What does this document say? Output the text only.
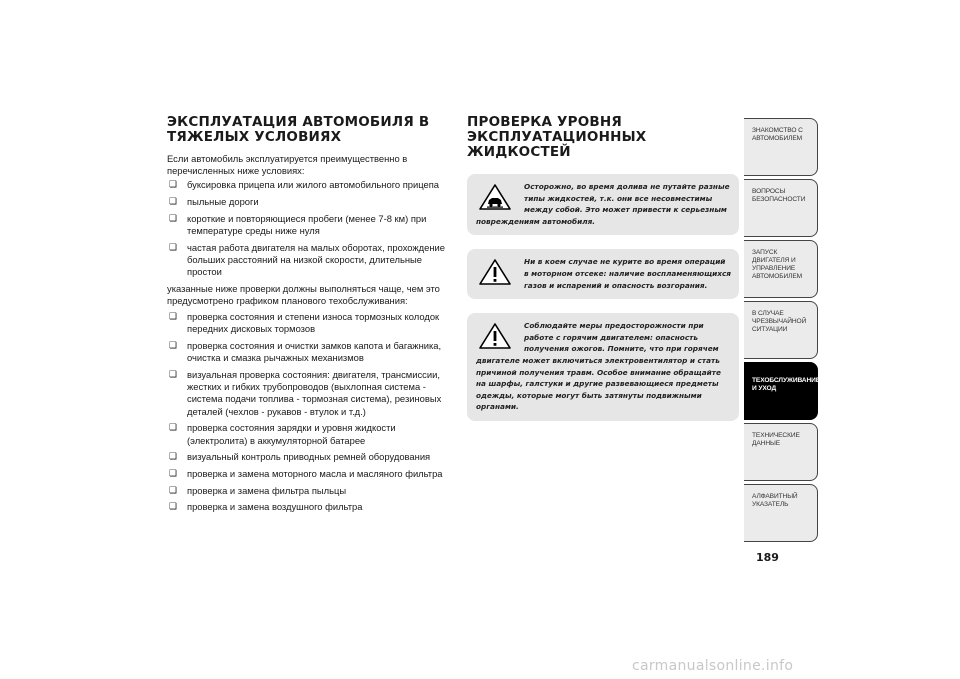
ЭКСПЛУАТАЦИЯ АВТОМОБИЛЯ В ТЯЖЕЛЫХ УСЛОВИЯХ

Если автомобиль эксплуатируется преимущественно в перечисленных ниже условиях:

❏ буксировка прицепа или жилого автомобильного прицепа
❏ пыльные дороги
❏ короткие и повторяющиеся пробеги (менее 7-8 км) при температуре среды ниже нуля
❏ частая работа двигателя на малых оборотах, прохождение больших расстояний на низкой скорости, длительные простои

указанные ниже проверки должны выполняться чаще, чем это предусмотрено графиком планового техобслуживания:

❏ проверка состояния и степени износа тормозных колодок передних дисковых тормозов
❏ проверка состояния и очистки замков капота и багажника, очистка и смазка рычажных механизмов
❏ визуальная проверка состояния: двигателя, трансмиссии, жестких и гибких трубопроводов (выхлопная система - система подачи топлива - тормозная система), резиновых деталей (чехлов - рукавов - втулок и т.д.)
❏ проверка состояния зарядки и уровня жидкости (электролита) в аккумуляторной батарее
❏ визуальный контроль приводных ремней оборудования
❏ проверка и замена моторного масла и масляного фильтра
❏ проверка и замена фильтра пыльцы
❏ проверка и замена воздушного фильтра
ПРОВЕРКА УРОВНЯ ЭКСПЛУАТАЦИОННЫХ ЖИДКОСТЕЙ

Осторожно, во время долива не путайте разные типы жидкостей, т.к. они все несовместимы между собой. Это может привести к серьезным повреждениям автомобиля.

Ни в коем случае не курите во время операций в моторном отсеке: наличие воспламеняющихся газов и испарений и опасность возгорания.

Соблюдайте меры предосторожности при работе с горячим двигателем: опасность получения ожогов. Помните, что при горячем двигателе может включиться электровентилятор и стать причиной получения травм. Особое внимание обращайте на шарфы, галстуки и другие развевающиеся предметы одежды, которые могут быть затянуты подвижными органами.

ЗНАКОМСТВО С АВТОМОБИЛЕМ
ВОПРОСЫ БЕЗОПАСНОСТИ
ЗАПУСК ДВИГАТЕЛЯ И УПРАВЛЕНИЕ АВТОМОБИЛЕМ
В СЛУЧАЕ ЧРЕЗВЫЧАЙНОЙ СИТУАЦИИ
ТЕХОБСЛУЖИВАНИЕ И УХОД
ТЕХНИЧЕСКИЕ ДАННЫЕ
АЛФАВИТНЫЙ УКАЗАТЕЛЬ
189
carmanualsonline.info
